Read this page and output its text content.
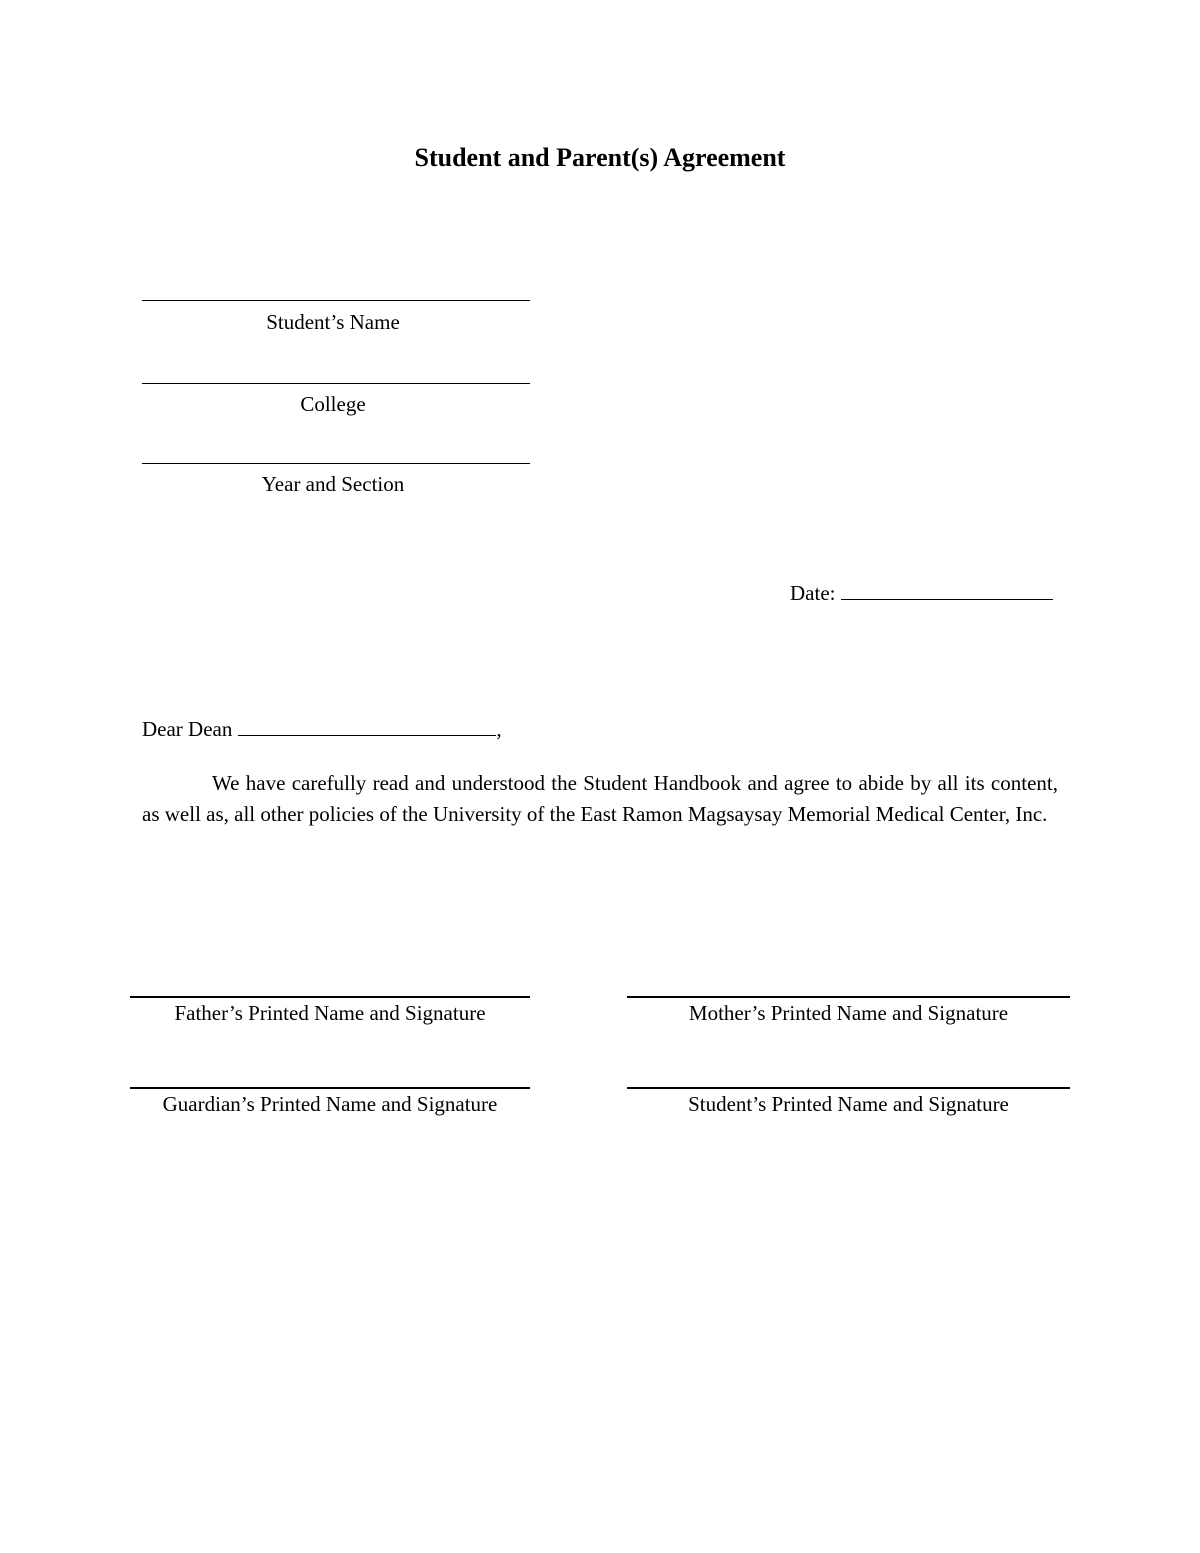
Student and Parent(s) Agreement
Student’s Name
College
Year and Section
Date:
Dear Dean	,

We have carefully read and understood the Student Handbook and agree to abide by all its content, as well as, all other policies of the University of the East Ramon Magsaysay Memorial Medical Center, Inc.

Father’s Printed Name and Signature	Mother’s Printed Name and Signature
Guardian’s Printed Name and Signature	Student’s Printed Name and Signature
